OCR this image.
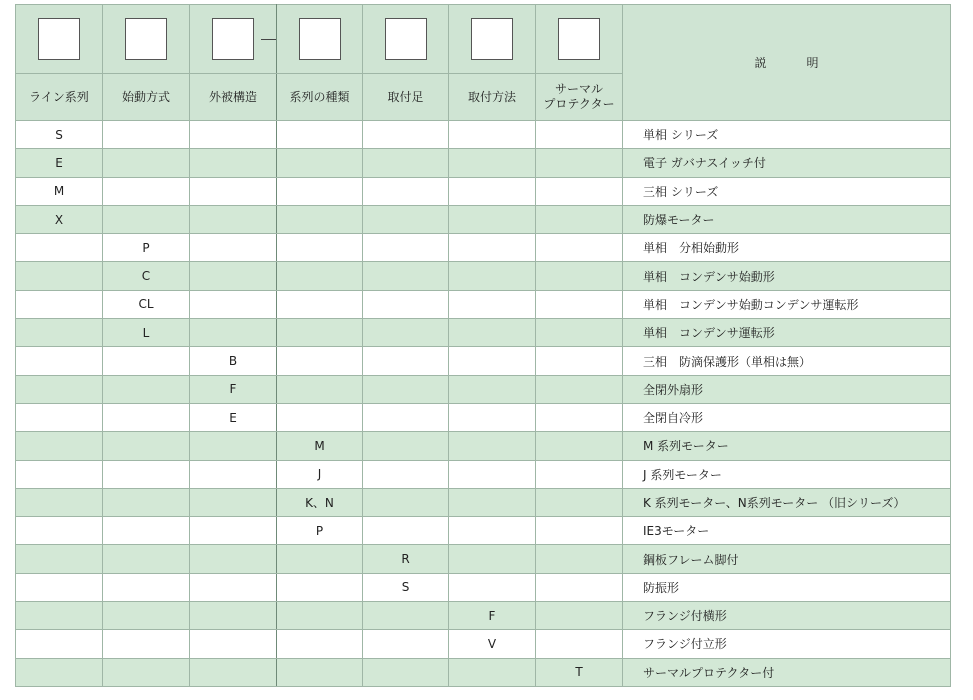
					説　明
ライン系列	始動方式	外被構造	系列の種類	取付足	取付方法	サーマル
プロテクター	
S							単相 シリーズ
E							電子 ガバナスイッチ付
M							三相 シリーズ
X							防爆モーター
	P						単相　分相始動形
	C						単相　コンデンサ始動形
	CL						単相　コンデンサ始動コンデンサ運転形
	L						単相　コンデンサ運転形
		B					三相　防滴保護形（単相は無）
		F					全閉外扇形
		E					全閉自冷形
			M				M 系列モーター
			J				J 系列モーター
			K、N				K 系列モーター、N系列モーター （旧シリーズ）
			P				IE3モーター
				R			鋼板フレーム脚付
				S			防振形
					F		フランジ付横形
					V		フランジ付立形
						T	サーマルプロテクター付
